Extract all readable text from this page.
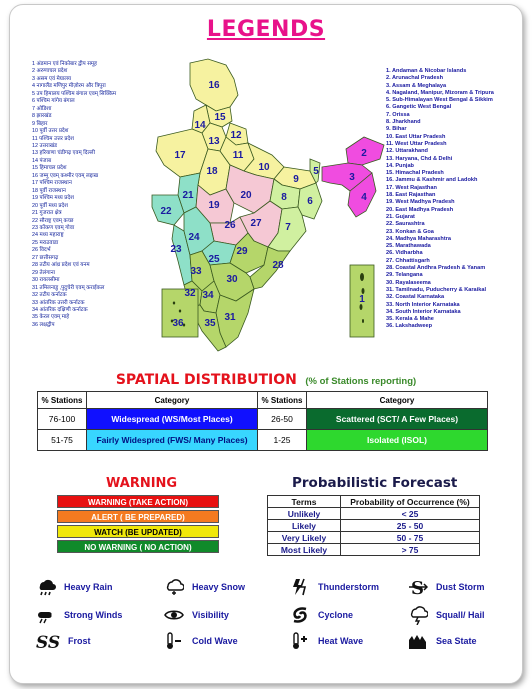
LEGENDS
1 अंडमान एवं निकोबार द्वीप समूह
2 अरुणाचल प्रदेश
3 असम एवं मेघालय
4 नागालैंड मणिपुर मीज़ोरम और त्रिपुरा
5 उप हिमालय पश्चिम बंगाल एवम् सिक्किम
6 पश्चिम गांगेय बंगाल
7 ओडिशा
8 झारखंड
9 बिहार
10 पूर्वी उत्तर प्रदेश
11 पश्चिम उत्तर प्रदेश
12 उत्तराखंड
13 हरियाणा चंडीगढ़ एवम् दिल्ली
14 पंजाब
15 हिमाचल प्रदेश
16 जम्मू एवम् कश्मीर एवम् लद्दाख
17 पश्चिम राजस्थान
18 पूर्वी राजस्थान
19 पश्चिम मध्य प्रदेश
20 पूर्वी मध्य प्रदेश
21 गुजरात क्षेत्र
22 सौराष्ट्र एवम् कच्छ
23 कोंकण एवम् गोवा
24 मध्य महाराष्ट्र
25 मराठवाडा
26 विदर्भ
27 छत्तीसगढ़
28 तटीय आंध्र प्रदेश एवं यनम
29 तेलंगाना
30 रायलसीमा
31 तमिलनाडु ,पुदुचेरी एवम् कराईकल
32 तटीय कर्नाटक
33 आंतरिक उत्तरी कर्नाटक
34 आंतरिक दक्षिणी कर्नाटक
35 केरल एवम् माहे
36 लक्षद्वीप
1. Andaman & Nicobar Islands
2. Arunachal Pradesh
3. Assam & Meghalaya
4. Nagaland, Manipur, Mizoram & Tripura
5. Sub-Himalayan West Bengal & Sikkim
6. Gangetic West Bengal
7. Orissa
8. Jharkhand
9. Bihar
10. East Uttar Pradesh
11. West Uttar Pradesh
12. Uttarakhand
13. Haryana, Chd & Delhi
14. Punjab
15. Himachal Pradesh
16. Jammu & Kashmir and Ladokh
17. West Rajasthan
18. East Rajasthan
19. West Madhya Pradesh
20. East Madhya Pradesh
21. Gujarat
22. Saurashtra
23. Konkan & Goa
24. Madhya Maharashtra
25. Marathawada
26. Vidharbha
27. Chhattisgarh
28. Coastal Andhra Pradesh & Yanam
29. Telangana
30. Rayalaseema
31. Tamilnadu, Puducherry & Karaikal
32. Coastal Karnataka
33. North Interior Karnataka
34. South Interior Karnataka
35. Kerala & Mahe
36. Lakshadweep
1
2
3
4
5
6
7
8
9
10
11
12
13
14
15
16
17
18
19
20
21
22
23
24
25
26 27
28
29
30
31
32
33
34
35
36
SPATIAL DISTRIBUTION (% of Stations reporting)
% Stations	Category	% Stations	Category
76-100	Widespread (WS/Most Places)	26-50	Scattered (SCT/ A Few Places)
51-75	Fairly Widespred (FWS/ Many Places)	1-25	Isolated (ISOL)
WARNING
WARNING (TAKE ACTION)
ALERT ( BE PREPARED)
WATCH (BE UPDATED)
NO WARNING ( NO ACTION)
Probabilistic Forecast
Terms	Probability of Occurrence (%)
Unlikely	< 25
Likely	25 - 50
Very Likely	50 - 75
Most Likely	> 75
Heavy Rain	Heavy Snow	Thunderstorm S Dust Storm
Strong Winds	Visibility	Cyclone	Squall/ Hail
SS Frost	Cold Wave	Heat Wave	Sea State
